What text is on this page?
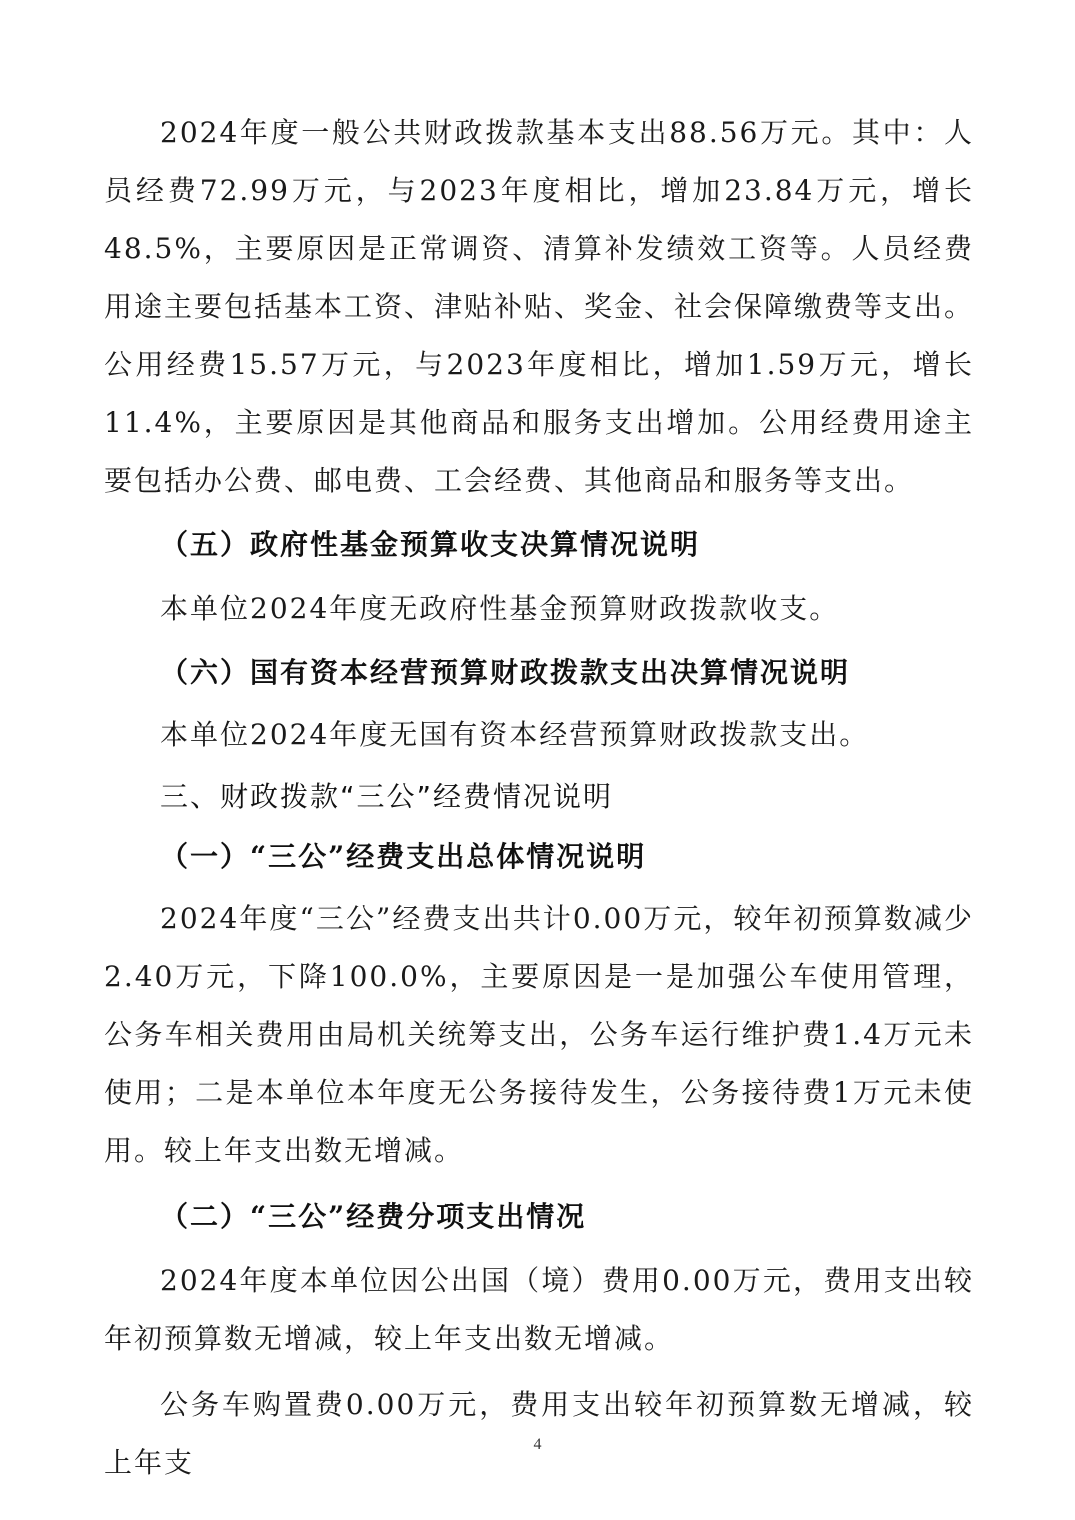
2024年度一般公共财政拨款基本支出88.56万元。其中：人员经费72.99万元，与2023年度相比，增加23.84万元，增长48.5%，主要原因是正常调资、清算补发绩效工资等。人员经费用途主要包括基本工资、津贴补贴、奖金、社会保障缴费等支出。公用经费15.57万元，与2023年度相比，增加1.59万元，增长11.4%，主要原因是其他商品和服务支出增加。公用经费用途主要包括办公费、邮电费、工会经费、其他商品和服务等支出。

（五）政府性基金预算收支决算情况说明

本单位2024年度无政府性基金预算财政拨款收支。

（六）国有资本经营预算财政拨款支出决算情况说明

本单位2024年度无国有资本经营预算财政拨款支出。

三、财政拨款“三公”经费情况说明

（一）“三公”经费支出总体情况说明

2024年度“三公”经费支出共计0.00万元，较年初预算数减少2.40万元，下降100.0%，主要原因是一是加强公车使用管理，公务车相关费用由局机关统筹支出，公务车运行维护费1.4万元未使用；二是本单位本年度无公务接待发生，公务接待费1万元未使用。较上年支出数无增减。

（二）“三公”经费分项支出情况

2024年度本单位因公出国（境）费用0.00万元，费用支出较年初预算数无增减，较上年支出数无增减。

公务车购置费0.00万元，费用支出较年初预算数无增减，较上年支

4
